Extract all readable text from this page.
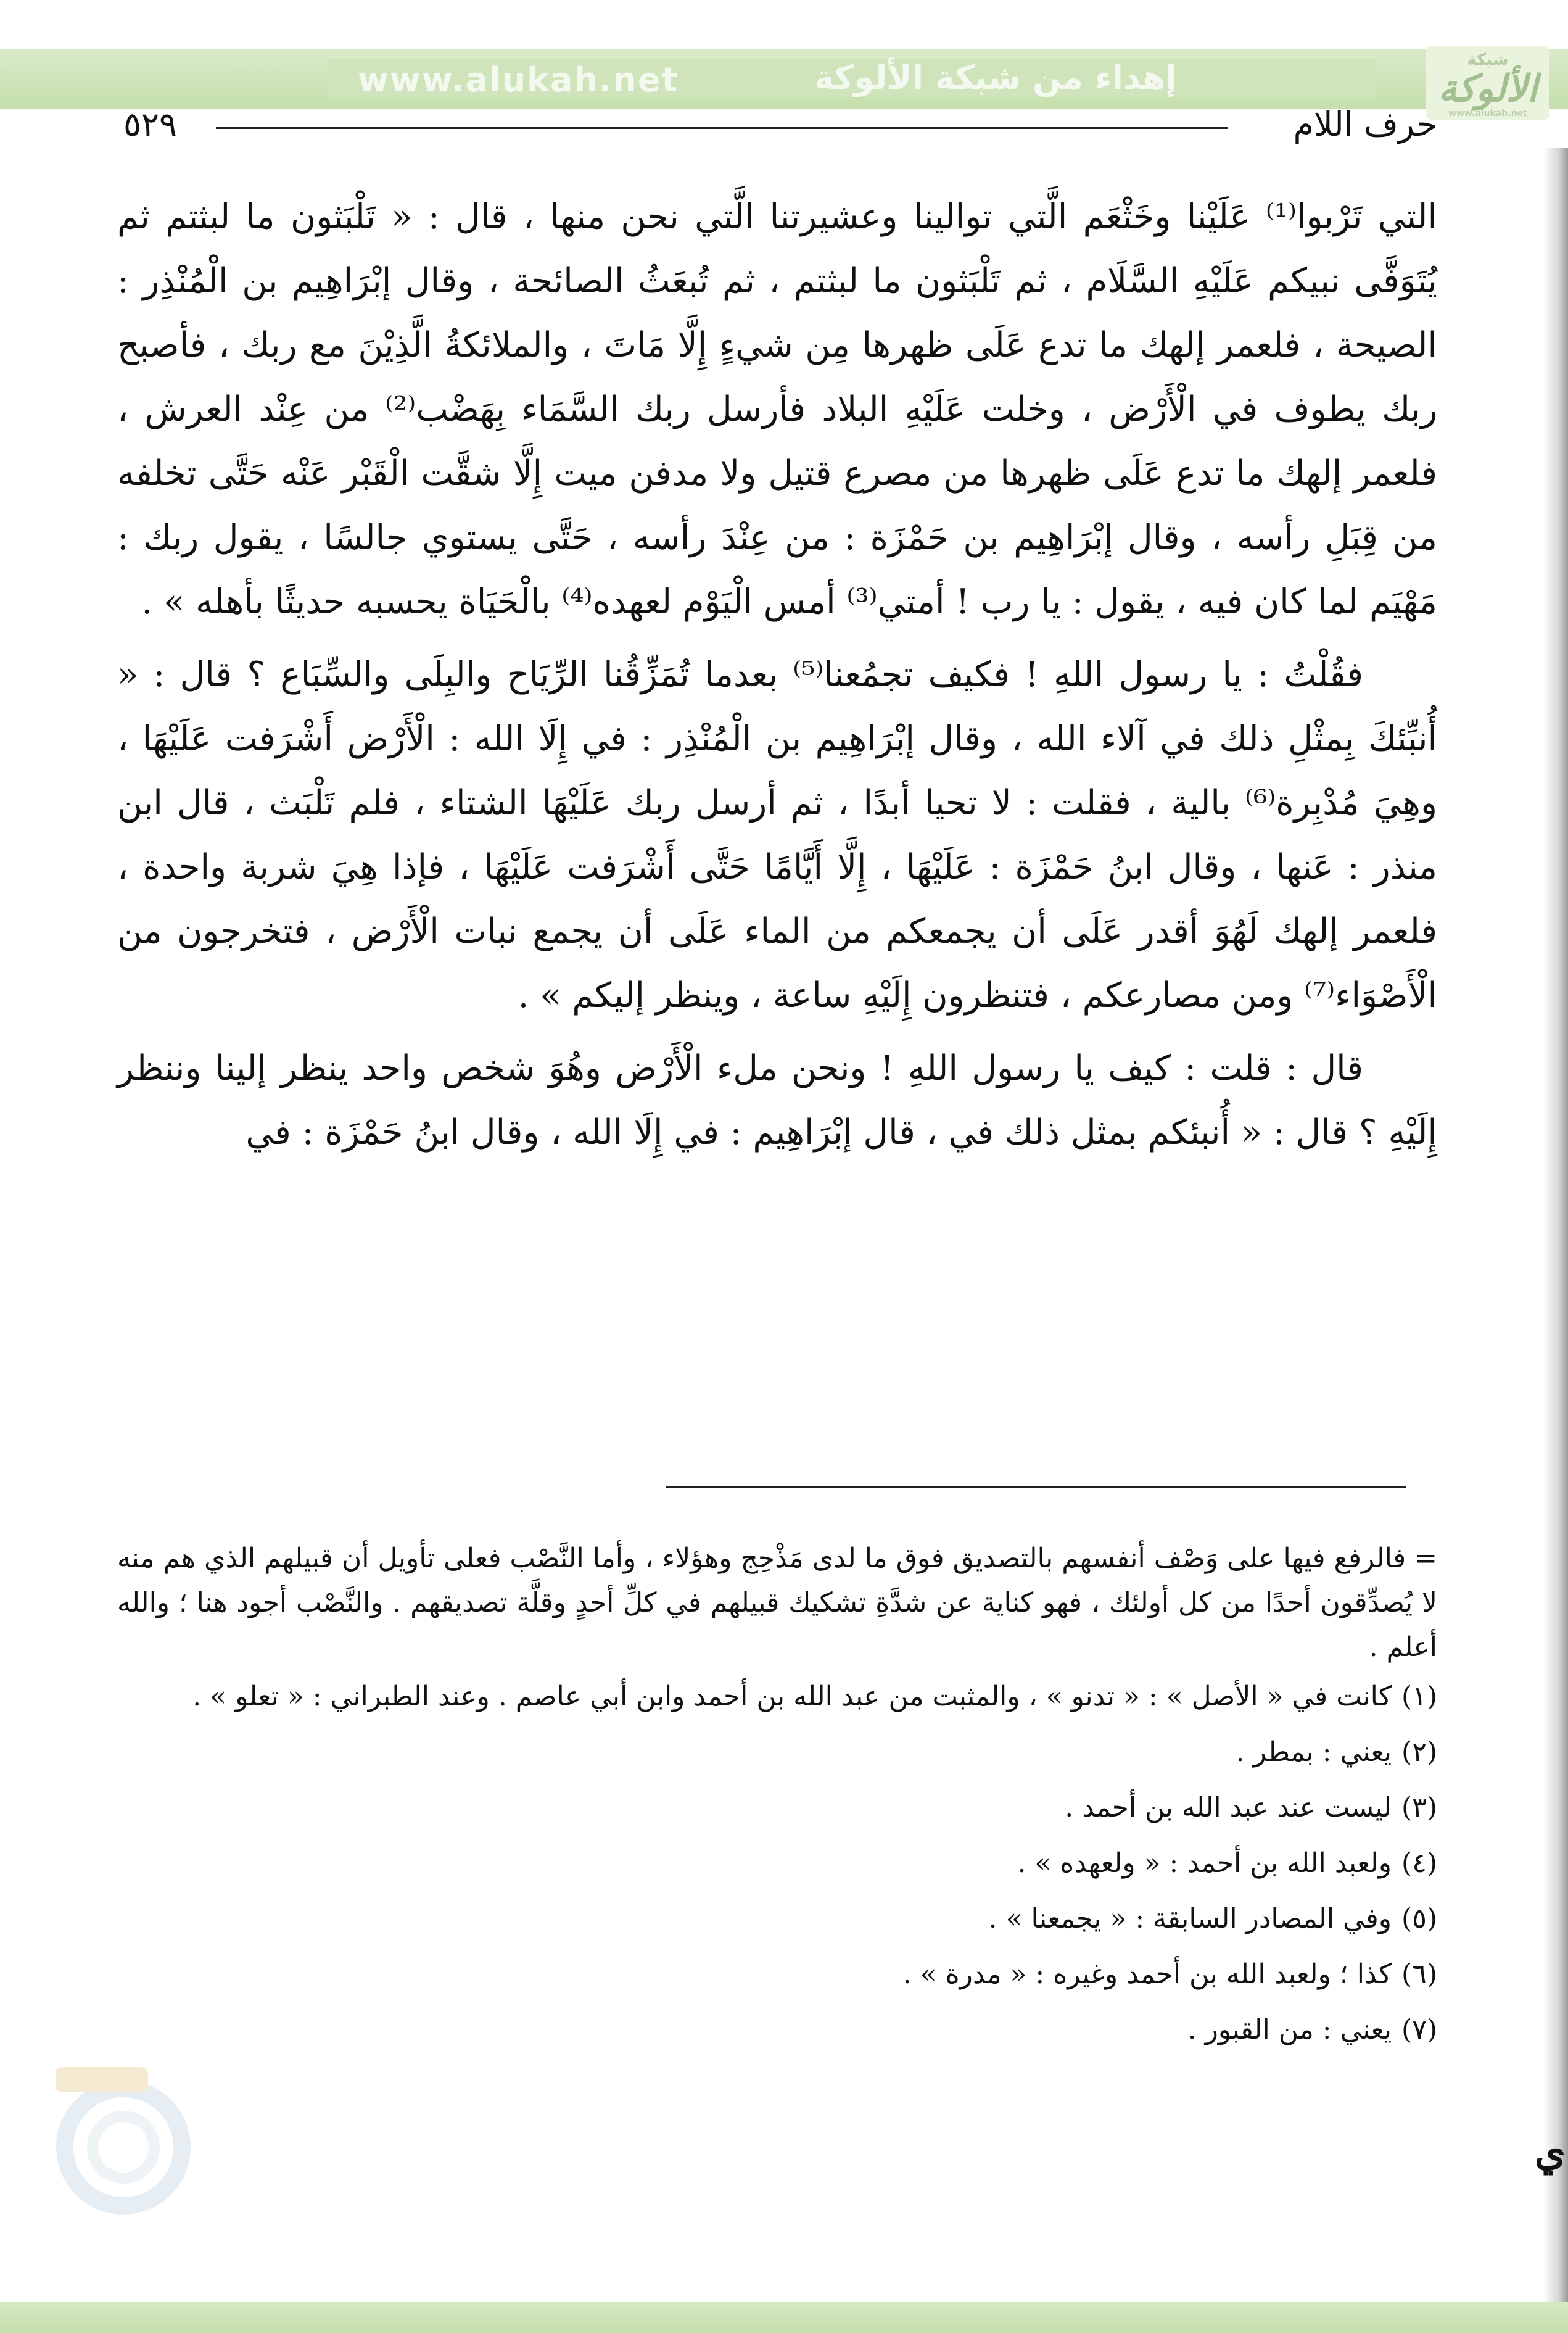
www.alukah.net	إهداء من شبكة الألوكة	شبكة
الألوكة
www.alukah.net
حرف اللام
٥٢٩

التي تَرْبوا⁽¹⁾ عَلَيْنا وخَثْعَم الَّتي توالينا وعشيرتنا الَّتي نحن منها ، قال : « تَلْبَثون ما لبثتم ثم يُتَوَفَّى نبيكم عَلَيْهِ السَّلَام ، ثم تَلْبَثون ما لبثتم ، ثم تُبعَثُ الصائحة ، وقال إبْرَاهِيم بن الْمُنْذِر : الصيحة ، فلعمر إلهك ما تدع عَلَى ظهرها مِن شيءٍ إِلَّا مَاتَ ، والملائكةُ الَّذِيْنَ مع ربك ، فأصبح ربك يطوف في الْأَرْض ، وخلت عَلَيْهِ البلاد فأرسل ربك السَّمَاء بِهَضْب⁽²⁾ من عِنْد العرش ، فلعمر إلهك ما تدع عَلَى ظهرها من مصرع قتيل ولا مدفن ميت إِلَّا شقَّت الْقَبْر عَنْه حَتَّى تخلفه من قِبَلِ رأسه ، وقال إبْرَاهِيم بن حَمْزَة : من عِنْدَ رأسه ، حَتَّى يستوي جالسًا ، يقول ربك : مَهْيَم لما كان فيه ، يقول : يا رب ! أمتي⁽³⁾ أمس الْيَوْم لعهده⁽⁴⁾ بالْحَيَاة يحسبه حديثًا بأهله » .

فقُلْتُ : يا رسول اللهِ ! فكيف تجمُعنا⁽⁵⁾ بعدما تُمَزِّقُنا الرِّيَاح والبِلَى والسِّبَاع ؟ قال : « أُنبِّئكَ بِمثْلِ ذلك في آلاء الله ، وقال إبْرَاهِيم بن الْمُنْذِر : في إِلَا الله : الْأَرْض أَشْرَفت عَلَيْهَا ، وهِيَ مُدْبِرة⁽⁶⁾ بالية ، فقلت : لا تحيا أبدًا ، ثم أرسل ربك عَلَيْهَا الشتاء ، فلم تَلْبَث ، قال ابن منذر : عَنها ، وقال ابنُ حَمْزَة : عَلَيْهَا ، إِلَّا أَيَّامًا حَتَّى أَشْرَفت عَلَيْهَا ، فإذا هِيَ شربة واحدة ، فلعمر إلهك لَهُوَ أقدر عَلَى أن يجمعكم من الماء عَلَى أن يجمع نبات الْأَرْض ، فتخرجون من الْأَصْوَاء⁽⁷⁾ ومن مصارعكم ، فتنظرون إِلَيْهِ ساعة ، وينظر إليكم » .

قال : قلت : كيف يا رسول اللهِ ! ونحن ملء الْأَرْض وهُوَ شخص واحد ينظر إلينا وننظر إِلَيْهِ ؟ قال : « أُنبئكم بمثل ذلك في ، قال إبْرَاهِيم : في إِلَا الله ، وقال ابنُ حَمْزَة : في

= فالرفع فيها على وَصْف أنفسهم بالتصديق فوق ما لدى مَذْحِج وهؤلاء ، وأما النَّصْب فعلى تأويل أن قبيلهم الذي هم منه لا يُصدِّقون أحدًا من كل أولئك ، فهو كناية عن شدَّةِ تشكيك قبيلهم في كلِّ أحدٍ وقلَّة تصديقهم . والنَّصْب أجود هنا ؛ والله أعلم .

(١)كانت في « الأصل » : « تدنو » ، والمثبت من عبد الله بن أحمد وابن أبي عاصم . وعند الطبراني : « تعلو » .

(٢)يعني : بمطر .

(٣)ليست عند عبد الله بن أحمد .

(٤)ولعبد الله بن أحمد : « ولعهده » .

(٥)وفي المصادر السابقة : « يجمعنا » .

(٦)كذا ؛ ولعبد الله بن أحمد وغيره : « مدرة » .

(٧)يعني : من القبور .

ي
